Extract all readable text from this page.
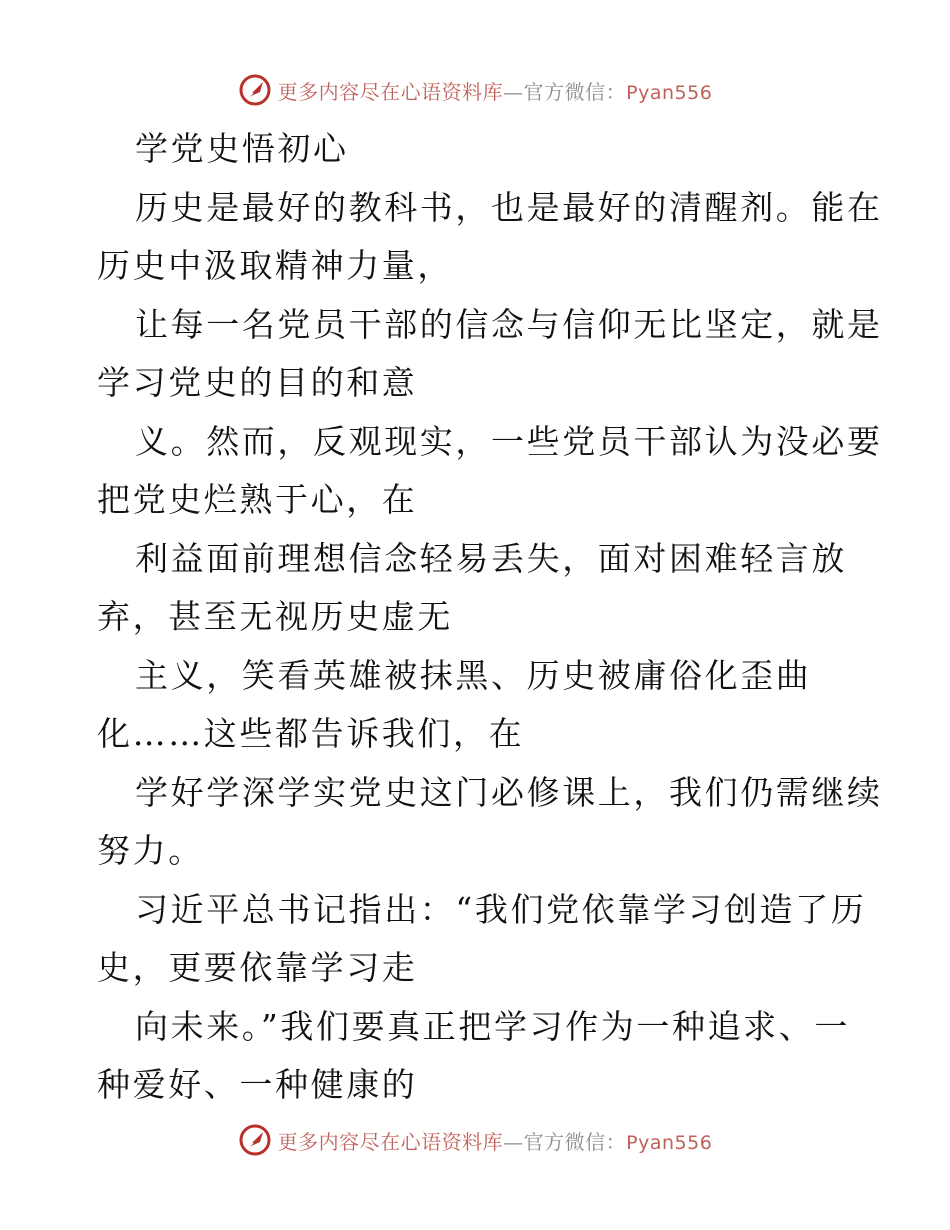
更多内容尽在心语资料库—官方微信：Pyan556
学党史悟初心
历史是最好的教科书，也是最好的清醒剂。能在
历史中汲取精神力量，
让每一名党员干部的信念与信仰无比坚定，就是
学习党史的目的和意
义。然而，反观现实，一些党员干部认为没必要
把党史烂熟于心，在
利益面前理想信念轻易丢失，面对困难轻言放
弃，甚至无视历史虚无
主义，笑看英雄被抹黑、历史被庸俗化歪曲
化……这些都告诉我们，在
学好学深学实党史这门必修课上，我们仍需继续
努力。
习近平总书记指出：“我们党依靠学习创造了历
史，更要依靠学习走
向未来。”我们要真正把学习作为一种追求、一
种爱好、一种健康的
更多内容尽在心语资料库—官方微信：Pyan556
